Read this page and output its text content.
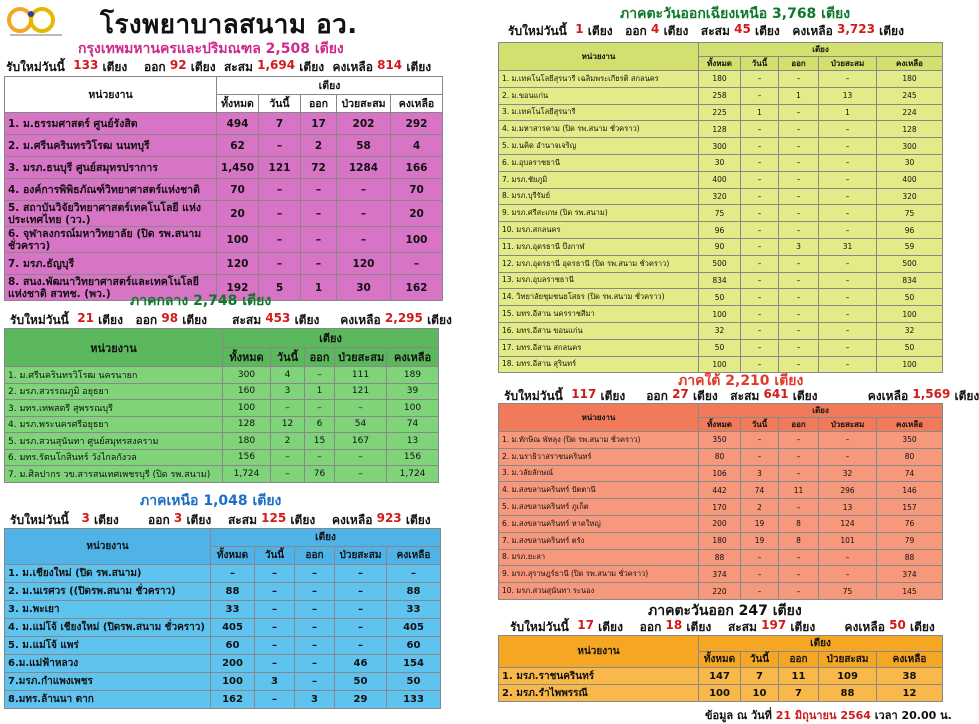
โรงพยาบาลสนาม อว.
กรุงเทพมหานครและปริมณฑล 2,508 เตียง
รับใหม่วันนี้
133
เตียง
ออก
92
เตียง
สะสม
1,694
เตียง
คงเหลือ
814
เตียง
หน่วยงาน	เตียง				
	ทั้งหมด	วันนี้	ออก	ป่วยสะสม	คงเหลือ
1. ม.ธรรมศาสตร์ ศูนย์รังสิต	494	7	17	202	292
2. ม.ศรีนครินทรวิโรฒ นนทบุรี	62	–	2	58	4
3. มรภ.ธนบุรี ศูนย์สมุทรปราการ	1,450	121	72	1284	166
4. องค์การพิพิธภัณฑ์วิทยาศาสตร์แห่งชาติ	70	–	–	–	70
5. สถาบันวิจัยวิทยาศาสตร์เทคโนโลยี แห่งประเทศไทย (วว.)	20	–	–	–	20
6. จุฬาลงกรณ์มหาวิทยาลัย (ปิด รพ.สนาม ชั่วคราว)	100	–	–	–	100
7. มรภ.ธัญบุรี	120	–	–	120	–
8. สนง.พัฒนาวิทยาศาสตร์และเทคโนโลยี แห่งชาติ สวทช. (พว.)	192	5	1	30	162
ภาคกลาง 2,748 เตียง
รับใหม่วันนี้
21
เตียง
ออก
98
เตียง
สะสม
453
เตียง
คงเหลือ
2,295
เตียง
หน่วยงาน	เตียง				
	ทั้งหมด	วันนี้	ออก	ป่วยสะสม	คงเหลือ
1. ม.ศรีนครินทรวิโรฒ นครนายก	300	4	–	111	189
2. มรภ.สวรรณภูมิ อยุธยา	160	3	1	121	39
3. มทร.เทพสตรี สุพรรณบุรี	100	–	–	–	100
4. มรภ.พระนครศรีอยุธยา	128	12	6	54	74
5. มรภ.สวนสุนันทา ศูนย์สมุทรสงคราม	180	2	15	167	13
6. มทร.รัตนโกสินทร์ วังไกลกังวล	156	–	–	–	156
7. ม.ศิลปากร วข.สารสนเทศเพชรบุรี (ปิด รพ.สนาม)	1,724	–	76	–	1,724
ภาคเหนือ 1,048 เตียง
รับใหม่วันนี้
3
เตียง
ออก
3
เตียง
สะสม
125
เตียง
คงเหลือ
923
เตียง
หน่วยงาน	เตียง				
	ทั้งหมด	วันนี้	ออก	ป่วยสะสม	คงเหลือ
1. ม.เชียงใหม่ (ปิด รพ.สนาม)	–	–	–	–	–
2. ม.นเรศวร ((ปิดรพ.สนาม ชั่วคราว)	88	–	–	–	88
3. ม.พะเยา	33	–	–	–	33
4. ม.แม่โจ้ เชียงใหม่ (ปิดรพ.สนาม ชั่วคราว)	405	–	–	–	405
5. ม.แม่โจ้ แพร่	60	–	–	–	60
6.ม.แม่ฟ้าหลวง	200	–	–	46	154
7.มรภ.กำแพงเพชร	100	3	–	50	50
8.มทร.ล้านนา ตาก	162	–	3	29	133
ภาคตะวันออกเฉียงเหนือ 3,768 เตียง
รับใหม่วันนี้
1
เตียง
ออก
4
เตียง
สะสม
45
เตียง
คงเหลือ
3,723
เตียง
หน่วยงาน	เตียง				
	ทั้งหมด	วันนี้	ออก	ป่วยสะสม	คงเหลือ
1. ม.เทคโนโลยีสุรนารี เฉลิมพระเกียรติ สกลนคร	180	–	–	–	180
2. ม.ขอนแก่น	258	–	1	13	245
3. ม.เทคโนโลยีสุรนารี	225	1	–	1	224
4. ม.มหาสารคาม (ปิด รพ.สนาม ชั่วคราว)	128	–	–	–	128
5. ม.นคิด อำนาจเจริญ	300	–	–	–	300
6. ม.อุบลราชธานี	30	–	–	–	30
7. มรภ.ชัยภูมิ	400	–	–	–	400
8. มรภ.บุรีรัมย์	320	–	–	–	320
9. มรภ.ศรีสะเกษ (ปิด รพ.สนาม)	75	–	–	–	75
10. มรภ.สกลนคร	96	–	–	–	96
11. มรภ.อุดรธานี บึงกาฬ	90	–	3	31	59
12. มรภ.อุดรธานี อุดรธานี (ปิด รพ.สนาม ชั่วคราว)	500	–	–	–	500
13. มรภ.อุบลราชธานี	834	–	–	–	834
14. วิทยาลัยชุมชนยโสธร (ปิด รพ.สนาม ชั่วคราว)	50	–	–	–	50
15. มทร.อีสาน นครราชสีมา	100	–	–	–	100
16. มทร.อีสาน ขอนแก่น	32	–	–	–	32
17. มทร.อีสาน สกลนคร	50	–	–	–	50
18. มทร.อีสาน สุรินทร์	100	–	–	–	100
ภาคใต้ 2,210 เตียง
รับใหม่วันนี้
117
เตียง
ออก
27
เตียง
สะสม
641
เตียง
	คงเหลือ
1,569
เตียง
หน่วยงาน	เตียง				
	ทั้งหมด	วันนี้	ออก	ป่วยสะสม	คงเหลือ
1. ม.ทักษิณ พัทลุง (ปิด รพ.สนาม ชั่วคราว)	350	–	–	–	350
2. ม.นราธิวาสราชนครินทร์	80	–	–	–	80
3. ม.วลัยลักษณ์	106	3	–	32	74
4. ม.สงขลานครินทร์ ปัตตานี	442	74	11	296	146
5. ม.สงขลานครินทร์ ภูเก็ต	170	2	–	13	157
6. ม.สงขลานครินทร์ หาดใหญ่	200	19	8	124	76
7. ม.สงขลานครินทร์ ตรัง	180	19	8	101	79
8. มรภ.ยะลา	88	–	–	–	88
9. มรภ.สุราษฎร์ธานี (ปิด รพ.สนาม ชั่วคราว)	374	–	–	–	374
10. มรภ.สวนสุนันทา ระนอง	220	–	–	75	145
ภาคตะวันออก 247 เตียง
รับใหม่วันนี้
17
เตียง
ออก
18
เตียง
สะสม
197
เตียง
คงเหลือ
50
เตียง
หน่วยงาน	เตียง				
	ทั้งหมด	วันนี้	ออก	ป่วยสะสม	คงเหลือ
1. มรภ.ราชนครินทร์	147	7	11	109	38
2. มรภ.รำไพพรรณี	100	10	7	88	12
ข้อมูล ณ วันที่ 21 มิถุนายน 2564 เวลา 20.00 น.
